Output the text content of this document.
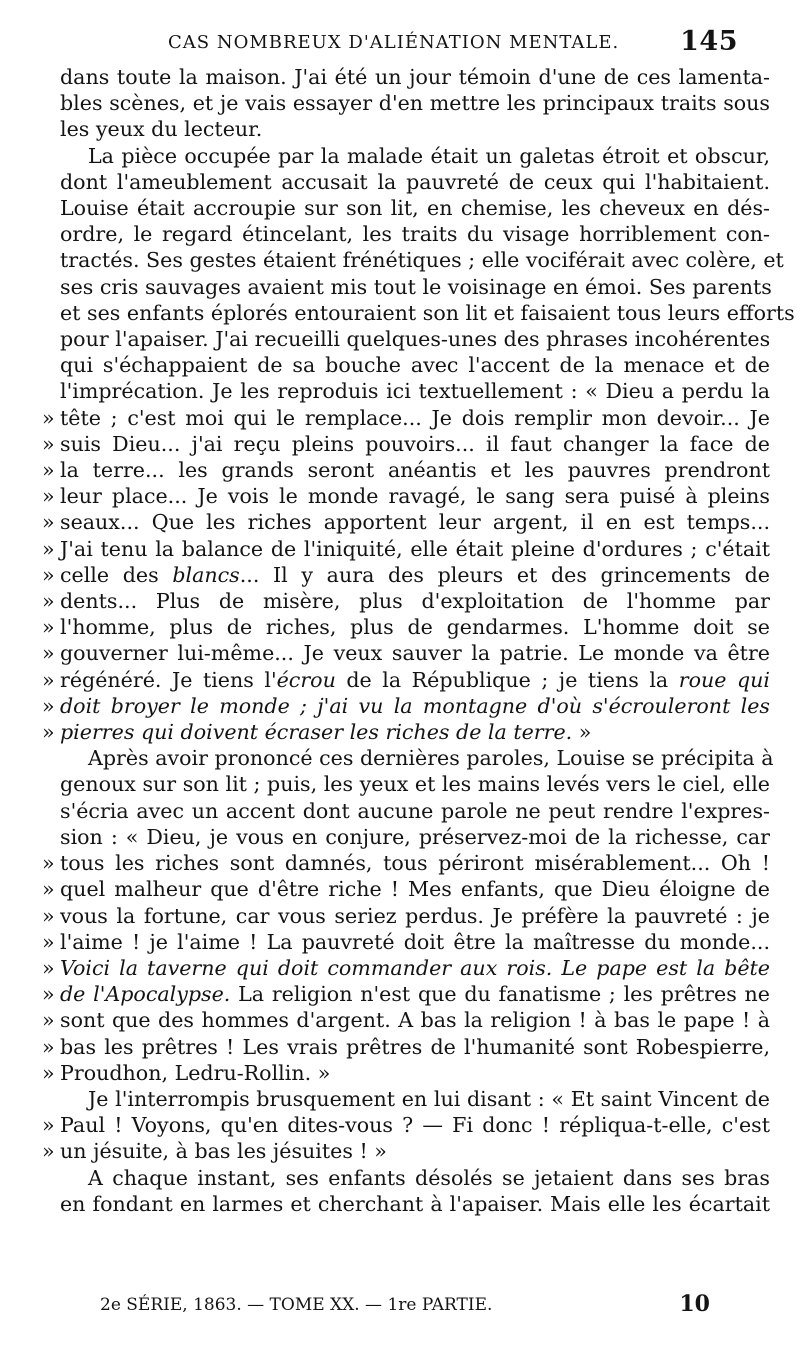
CAS NOMBREUX D'ALIÉNATION MENTALE. 145

dans toute la maison. J'ai été un jour témoin d'une de ces lamenta-
bles scènes, et je vais essayer d'en mettre les principaux traits sous
les yeux du lecteur.

La pièce occupée par la malade était un galetas étroit et obscur,
dont l'ameublement accusait la pauvreté de ceux qui l'habitaient.
Louise était accroupie sur son lit, en chemise, les cheveux en dés-
ordre, le regard étincelant, les traits du visage horriblement con-
tractés. Ses gestes étaient frénétiques ; elle vociférait avec colère, et
ses cris sauvages avaient mis tout le voisinage en émoi. Ses parents
et ses enfants éplorés entouraient son lit et faisaient tous leurs efforts
pour l'apaiser. J'ai recueilli quelques-unes des phrases incohérentes
qui s'échappaient de sa bouche avec l'accent de la menace et de
l'imprécation. Je les reproduis ici textuellement : « Dieu a perdu la
» tête ; c'est moi qui le remplace... Je dois remplir mon devoir... Je
» suis Dieu... j'ai reçu pleins pouvoirs... il faut changer la face de
» la terre... les grands seront anéantis et les pauvres prendront
» leur place... Je vois le monde ravagé, le sang sera puisé à pleins
» seaux... Que les riches apportent leur argent, il en est temps...
» J'ai tenu la balance de l'iniquité, elle était pleine d'ordures ; c'était
» celle des blancs... Il y aura des pleurs et des grincements de
» dents... Plus de misère, plus d'exploitation de l'homme par
» l'homme, plus de riches, plus de gendarmes. L'homme doit se
» gouverner lui-même... Je veux sauver la patrie. Le monde va être
» régénéré. Je tiens l'écrou de la République ; je tiens la roue qui
» doit broyer le monde ; j'ai vu la montagne d'où s'écrouleront les
» pierres qui doivent écraser les riches de la terre. »

Après avoir prononcé ces dernières paroles, Louise se précipita à
genoux sur son lit ; puis, les yeux et les mains levés vers le ciel, elle
s'écria avec un accent dont aucune parole ne peut rendre l'expres-
sion : « Dieu, je vous en conjure, préservez-moi de la richesse, car
» tous les riches sont damnés, tous périront misérablement... Oh !
» quel malheur que d'être riche ! Mes enfants, que Dieu éloigne de
» vous la fortune, car vous seriez perdus. Je préfère la pauvreté : je
» l'aime ! je l'aime ! La pauvreté doit être la maîtresse du monde...
» Voici la taverne qui doit commander aux rois. Le pape est la bête
» de l'Apocalypse. La religion n'est que du fanatisme ; les prêtres ne
» sont que des hommes d'argent. A bas la religion ! à bas le pape ! à
» bas les prêtres ! Les vrais prêtres de l'humanité sont Robespierre,
» Proudhon, Ledru-Rollin. »

Je l'interrompis brusquement en lui disant : « Et saint Vincent de
» Paul ! Voyons, qu'en dites-vous ? — Fi donc ! répliqua-t-elle, c'est
» un jésuite, à bas les jésuites ! »

A chaque instant, ses enfants désolés se jetaient dans ses bras
en fondant en larmes et cherchant à l'apaiser. Mais elle les écartait

2e SÉRIE, 1863. — TOME XX. — 1re PARTIE.	10
